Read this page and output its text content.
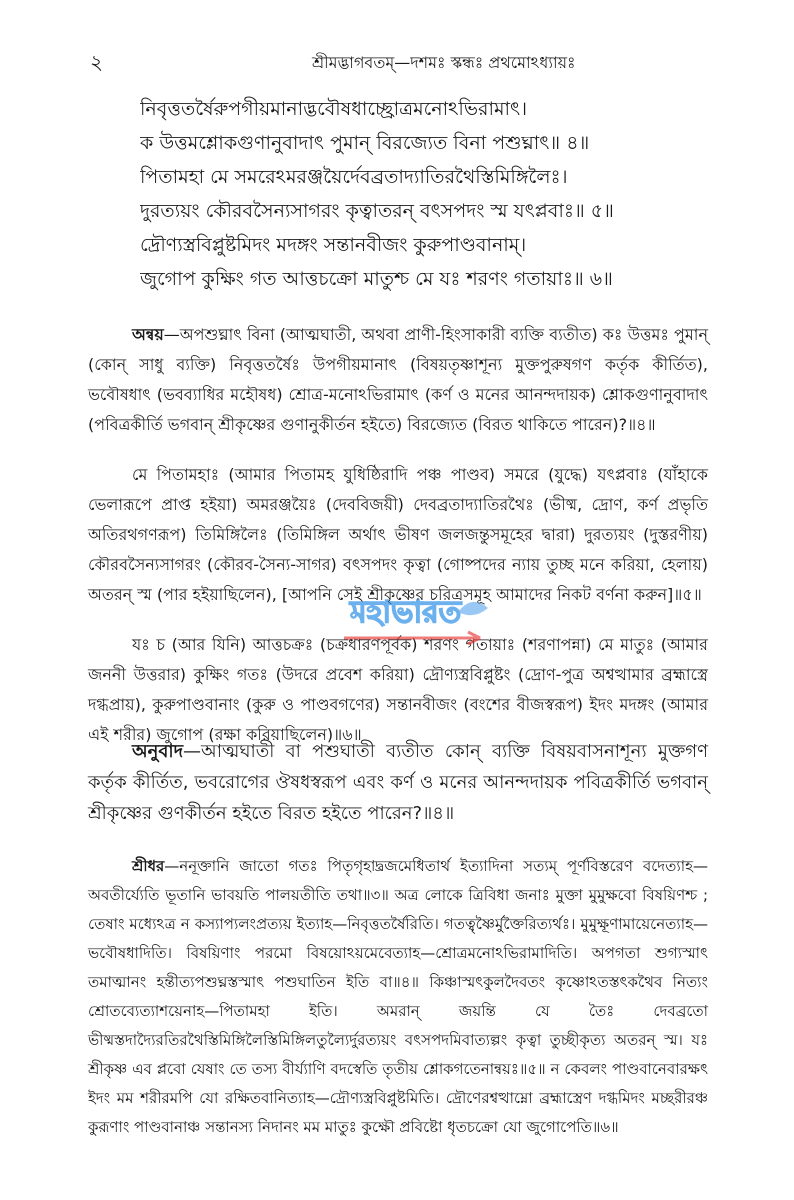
২	শ্রীমদ্ভাগবতম্—দশমঃ স্কন্ধঃ প্রথমোঽধ্যায়ঃ
নিবৃত্ততর্ষৈরুপগীয়মানাদ্ভবৌষধাচ্ছ্রোত্রমনোঽভিরামাৎ।
ক উত্তমশ্লোকগুণানুবাদাৎ পুমান্ বিরজ্যেত বিনা পশুঘ্নাৎ॥ ৪॥
পিতামহা মে সমরেঽমরঞ্জয়ৈর্দেবব্রতাদ্যাতিরথৈস্তিমিঙ্গিলৈঃ।
দুরত্যয়ং কৌরবসৈন্যসাগরং কৃত্বাতরন্ বৎসপদং স্ম যৎপ্লবাঃ॥ ৫॥
দ্রৌণ্যস্ত্রবিপ্লুষ্টমিদং মদঙ্গং সন্তানবীজং কুরুপাণ্ডবানাম্।
জুগোপ কুক্ষিং গত আত্তচক্রো মাতুশ্চ মে যঃ শরণং গতায়াঃ॥ ৬॥

অন্বয়—অপশুঘ্নাৎ বিনা (আত্মঘাতী, অথবা প্রাণী-হিংসাকারী ব্যক্তি ব্যতীত) কঃ উত্তমঃ পুমান্ (কোন্ সাধু ব্যক্তি) নিবৃত্ততর্ষৈঃ উপগীয়মানাৎ (বিষয়তৃষ্ণাশূন্য মুক্তপুরুষগণ কর্তৃক কীর্তিত), ভবৌষধাৎ (ভবব্যাধির মহৌষধ) শ্রোত্র-মনোঽভিরামাৎ (কর্ণ ও মনের আনন্দদায়ক) শ্লোকগুণানুবাদাৎ (পবিত্রকীর্তি ভগবান্ শ্রীকৃষ্ণের গুণানুকীর্তন হইতে) বিরজ্যেত (বিরত থাকিতে পারেন)?॥৪॥

মে পিতামহাঃ (আমার পিতামহ যুধিষ্ঠিরাদি পঞ্চ পাণ্ডব) সমরে (যুদ্ধে) যৎপ্লবাঃ (যাঁহাকে ভেলারূপে প্রাপ্ত হইয়া) অমরঞ্জয়ৈঃ (দেববিজয়ী) দেবব্রতাদ্যাতিরথৈঃ (ভীষ্ম, দ্রোণ, কর্ণ প্রভৃতি অতিরথগণরূপ) তিমিঙ্গিলৈঃ (তিমিঙ্গিল অর্থাৎ ভীষণ জলজন্তুসমূহের দ্বারা) দুরত্যয়ং (দুস্তরণীয়) কৌরবসৈন্যসাগরং (কৌরব-সৈন্য-সাগর) বৎসপদং কৃত্বা (গোষ্পদের ন্যায় তুচ্ছ মনে করিয়া, হেলায়) অতরন্ স্ম (পার হইয়াছিলেন), [আপনি সেই শ্রীকৃষ্ণের চরিত্রসমূহ আমাদের নিকট বর্ণনা করুন]॥৫॥

যঃ চ (আর যিনি) আত্তচক্রঃ (চক্রধারণপূর্বক) শরণং গতায়াঃ (শরণাপন্না) মে মাতুঃ (আমার জননী উত্তরার) কুক্ষিং গতঃ (উদরে প্রবেশ করিয়া) দ্রৌণ্যস্ত্রবিপ্লুষ্টং (দ্রোণ-পুত্র অশ্বত্থামার ব্রহ্মাস্ত্রে দগ্ধপ্রায়), কুরুপাণ্ডবানাং (কুরু ও পাণ্ডবগণের) সন্তানবীজং (বংশের বীজস্বরূপ) ইদং মদঙ্গং (আমার এই শরীর) জুগোপ (রক্ষা করিয়াছিলেন)॥৬॥

অনুবাদ—আত্মঘাতী বা পশুঘাতী ব্যতীত কোন্ ব্যক্তি বিষয়বাসনাশূন্য মুক্তগণ কর্তৃক কীর্তিত, ভবরোগের ঔষধস্বরূপ এবং কর্ণ ও মনের আনন্দদায়ক পবিত্রকীর্তি ভগবান্ শ্রীকৃষ্ণের গুণকীর্তন হইতে বিরত হইতে পারেন?॥৪॥

শ্রীধর—ননূক্তানি জাতো গতঃ পিতৃগৃহাদ্ব্রজমেধিতার্থ ইত্যাদিনা সত্যম্ পূর্ণবিস্তরেণ বদেত্যাহ—অবতীর্য্যেতি ভূতানি ভাবয়তি পালয়তীতি তথা॥৩॥ অত্র লোকে ত্রিবিধা জনাঃ মুক্তা মুমুক্ষবো বিষয়িণশ্চ ; তেষাং মধ্যেঽত্র ন কস্যাপ্যলংপ্রত্যয় ইত্যাহ—নিবৃত্ততর্ষৈরিতি। গতত্বৃষ্ণৈর্মুক্তৈরিত্যর্থঃ। মুমুক্ষূণামায়েনেত্যাহ—ভবৌষধাদিতি। বিষয়িণাং পরমো বিষয়োঽয়মেবেত্যাহ—শ্রোত্রমনোঽভিরামাদিতি। অপগতা শুগ্যস্মাৎ তমাত্মানং হন্তীত্যপশুঘ্নস্তস্মাৎ পশুঘাতিন ইতি বা॥৪॥ কিঞ্চাস্মৎকুলদৈবতং কৃষ্ণোঽতস্তৎকথৈব নিত্যং শ্রোতব্যেত্যাশয়েনাহ—পিতামহা ইতি। অমরান্ জয়ন্তি যে তৈঃ দেবব্রতো ভীষ্মস্তদাদ্যৈরতিরথৈস্তিমিঙ্গিলৈস্তিমিঙ্গিলতুল্যৈর্দুরত্যয়ং বৎসপদমিবাত্যল্পং কৃত্বা তুচ্ছীকৃত্য অতরন্ স্ম। যঃ শ্রীকৃষ্ণ এব প্লবো যেষাং তে তস্য বীর্য্যাণি বদস্বেতি তৃতীয় শ্লোকগতেনান্বয়ঃ॥৫॥ ন কেবলং পাণ্ডবানেবারক্ষৎ ইদং মম শরীরমপি যো রক্ষিতবানিত্যাহ—দ্রৌণ্যস্ত্রবিপ্লুষ্টমিতি। দ্রৌণেরশ্বত্থাম্নো ব্রহ্মাস্ত্রেণ দগ্ধমিদং মচ্ছরীরঞ্চ কুরূণাং পাণ্ডবানাঞ্চ সন্তানস্য নিদানং মম মাতুঃ কুক্ষৌ প্রবিষ্টো ধৃতচক্রো যো জুগোপেতি॥৬॥

মহাভারত
